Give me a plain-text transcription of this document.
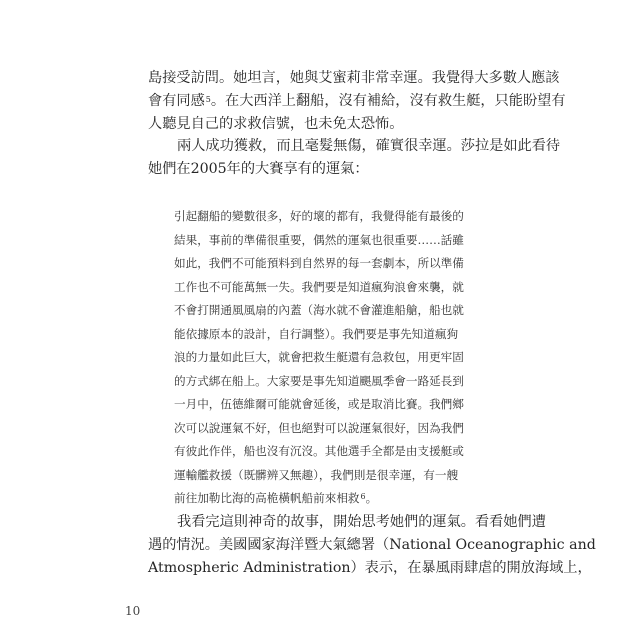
島接受訪問。她坦言，她與艾蜜莉非常幸運。我覺得大多數人應該
會有同感$^5$。在大西洋上翻船，沒有補給，沒有救生艇，只能盼望有
人聽見自己的求救信號，也未免太恐怖。

兩人成功獲救，而且毫髮無傷，確實很幸運。莎拉是如此看待
她們在2005年的大賽享有的運氣：

引起翻船的變數很多，好的壞的都有，我覺得能有最後的
結果，事前的準備很重要，偶然的運氣也很重要……話雖
如此，我們不可能預料到自然界的每一套劇本，所以準備
工作也不可能萬無一失。我們要是知道瘋狗浪會來襲，就
不會打開通風風扇的內蓋（海水就不會灌進船艙，船也就
能依據原本的設計，自行調整）。我們要是事先知道瘋狗
浪的力量如此巨大，就會把救生艇還有急救包，用更牢固
的方式綁在船上。大家要是事先知道颶風季會一路延長到
一月中，伍德維爾可能就會延後，或是取消比賽。我們鄉
次可以說運氣不好，但也絕對可以說運氣很好，因為我們
有彼此作伴，船也沒有沉沒。其他選手全都是由支援艇或
運輸艦救援（既髒辨又無趣），我們則是很幸運，有一艘
前往加勒比海的高桅橫帆船前來相救$^6$。

我看完這則神奇的故事，開始思考她們的運氣。看看她們遭
遇的情況。美國國家海洋暨大氣總署（National Oceanographic and
Atmospheric Administration）表示，在暴風雨肆虐的開放海域上，

10
